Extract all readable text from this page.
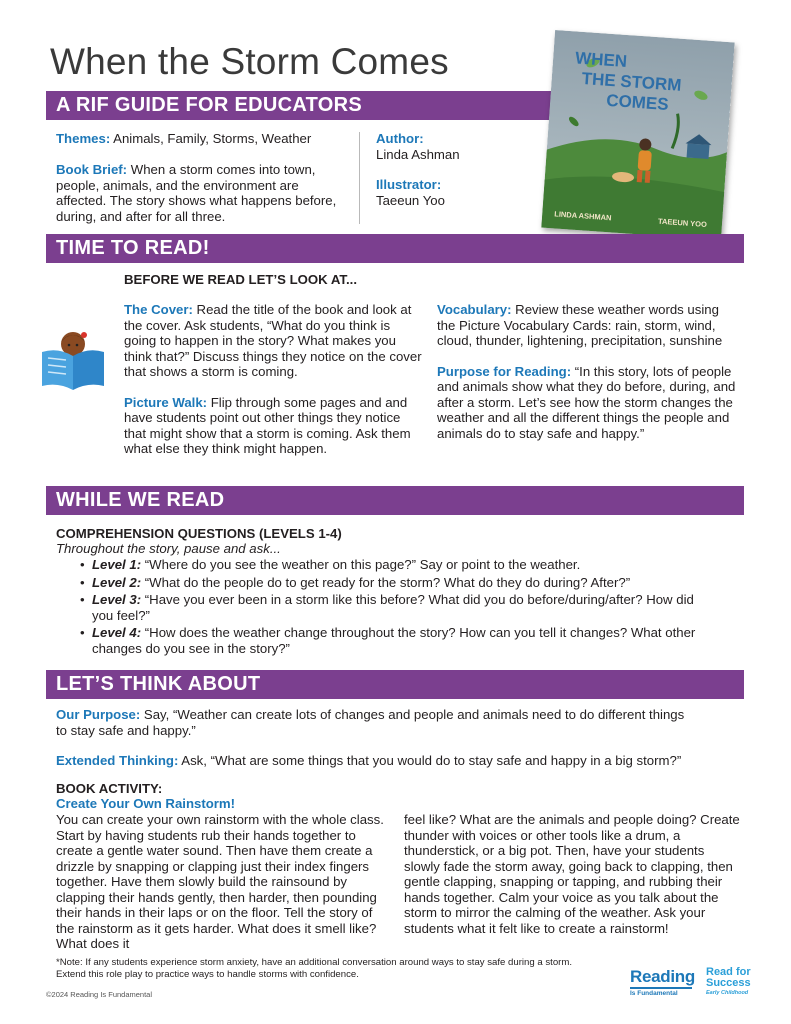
When the Storm Comes
A RIF GUIDE FOR EDUCATORS
Themes: Animals, Family, Storms, Weather
Book Brief: When a storm comes into town, people, animals, and the environment are affected. The story shows what happens before, during, and after for all three.
Author:
Linda Ashman
Illustrator:
Taeeun Yoo
WHEN
THE STORM
COMES
LINDA ASHMAN
TAEEUN YOO
TIME TO READ!
BEFORE WE READ LET’S LOOK AT...
The Cover: Read the title of the book and look at the cover. Ask students, “What do you think is going to happen in the story? What makes you think that?” Discuss things they notice on the cover that shows a storm is coming.
Picture Walk: Flip through some pages and and have students point out other things they notice that might show that a storm is coming. Ask them what else they think might happen.
Vocabulary: Review these weather words using the Picture Vocabulary Cards: rain, storm, wind, cloud, thunder, lightening, precipitation, sunshine
Purpose for Reading: “In this story, lots of people and animals show what they do before, during, and after a storm. Let’s see how the storm changes the weather and all the different things the people and animals do to stay safe and happy.”
WHILE WE READ
COMPREHENSION QUESTIONS (LEVELS 1-4)
Throughout the story, pause and ask...
• Level 1: “Where do you see the weather on this page?” Say or point to the weather.
• Level 2: “What do the people do to get ready for the storm? What do they do during? After?”
• Level 3: “Have you ever been in a storm like this before? What did you do before/during/after? How did you feel?”
• Level 4: “How does the weather change throughout the story? How can you tell it changes? What other changes do you see in the story?”
LET’S THINK ABOUT
Our Purpose: Say, “Weather can create lots of changes and people and animals need to do different things to stay safe and happy.”
Extended Thinking: Ask, “What are some things that you would do to stay safe and happy in a big storm?”
BOOK ACTIVITY:
Create Your Own Rainstorm!
You can create your own rainstorm with the whole class. Start by having students rub their hands together to create a gentle water sound. Then have them create a drizzle by snapping or clapping just their index fingers together. Have them slowly build the rainsound by clapping their hands gently, then harder, then pounding their hands in their laps or on the floor. Tell the story of the rainstorm as it gets harder. What does it smell like? What does it
feel like? What are the animals and people doing? Create thunder with voices or other tools like a drum, a thunderstick, or a big pot. Then, have your students slowly fade the storm away, going back to clapping, then gentle clapping, snapping or tapping, and rubbing their hands together. Calm your voice as you talk about the storm to mirror the calming of the weather. Ask your students what it felt like to create a rainstorm!
*Note: If any students experience storm anxiety, have an additional conversation around ways to stay safe during a storm. Extend this role play to practice ways to handle storms with confidence.
©2024 Reading Is Fundamental
Reading
Is Fundamental
Read for
Success
Early Childhood
